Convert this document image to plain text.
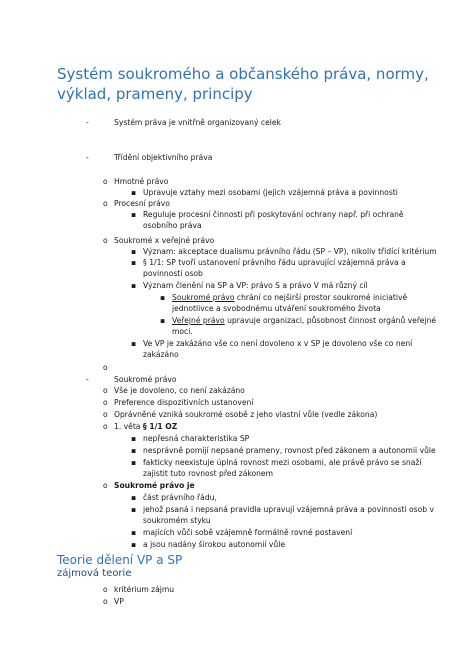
Systém soukromého a občanského práva, normy, výklad, prameny, principy
-	Systém práva je vnitřně organizovaný celek
-	Třídění objektivního práva
o Hmotné právo
▪ Upravuje vztahy mezi osobami (jejich vzájemná práva a povinnosti
o Procesní právo
▪ Reguluje procesní činnosti při poskytování ochrany např. při ochraně
osobního práva
o Soukromé x veřejné právo
▪ Význam: akceptace dualismu právního řádu (SP – VP), nikoliv třídící kritérium
▪ § 1/1: SP tvoří ustanovení právního řádu upravující vzájemná práva a
povinnosti osob
▪ Význam členění na SP a VP: právo S a právo V má různý cíl
▪ Soukromé právo chrání co nejširší prostor soukromé iniciativě
jednotlivce a svobodnému utváření soukromého života
▪ Veřejné právo upravuje organizaci, působnost činnost orgánů veřejné
moci.
▪ Ve VP je zakázáno vše co není dovoleno x v SP je dovoleno vše co není
zakázáno
o
-	Soukromé právo
o Vše je dovoleno, co není zakázáno
o Preference dispozitivních ustanovení
o Oprávněné vzniká soukromé osobě z jeho vlastní vůle (vedle zákona)
o 1. věta § 1/1 OZ
▪ nepřesná charakteristika SP
▪ nesprávně pomíjí nepsané prameny, rovnost před zákonem a autonomii vůle
▪ fakticky neexistuje úplná rovnost mezi osobami, ale právě právo se snaží
zajistit tuto rovnost před zákonem
o Soukromé právo je
▪ část právního řádu,
▪ jehož psaná i nepsaná pravidla upravují vzájemná práva a povinnosti osob v
soukromém styku
▪ majících vůči sobě vzájemně formálně rovné postavení
▪ a jsou nadány širokou autonomií vůle
Teorie dělení VP a SP
zájmová teorie
o kritérium zájmu
o VP
